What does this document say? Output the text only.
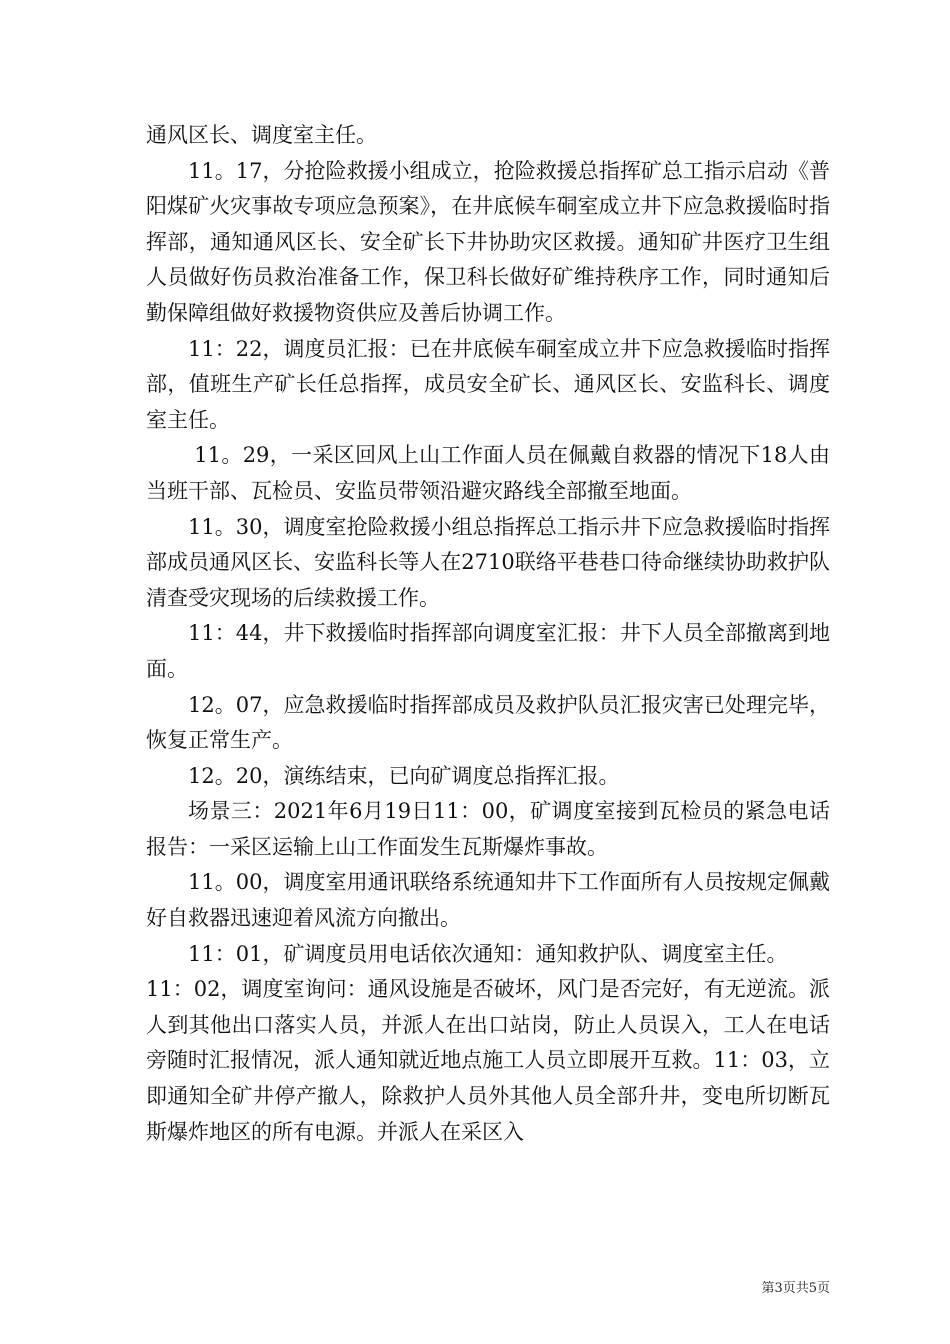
通风区长、调度室主任。

11。17，分抢险救援小组成立，抢险救援总指挥矿总工指示启动《普阳煤矿火灾事故专项应急预案》，在井底候车硐室成立井下应急救援临时指挥部，通知通风区长、安全矿长下井协助灾区救援。通知矿井医疗卫生组人员做好伤员救治准备工作，保卫科长做好矿维持秩序工作，同时通知后勤保障组做好救援物资供应及善后协调工作。

11：22，调度员汇报：已在井底候车硐室成立井下应急救援临时指挥部，值班生产矿长任总指挥，成员安全矿长、通风区长、安监科长、调度室主任。

11。29，一采区回风上山工作面人员在佩戴自救器的情况下18人由当班干部、瓦检员、安监员带领沿避灾路线全部撤至地面。

11。30，调度室抢险救援小组总指挥总工指示井下应急救援临时指挥部成员通风区长、安监科长等人在2710联络平巷巷口待命继续协助救护队清查受灾现场的后续救援工作。

11：44，井下救援临时指挥部向调度室汇报：井下人员全部撤离到地面。

12。07，应急救援临时指挥部成员及救护队员汇报灾害已处理完毕，恢复正常生产。

12。20，演练结束，已向矿调度总指挥汇报。

场景三：2021年6月19日11：00，矿调度室接到瓦检员的紧急电话报告：一采区运输上山工作面发生瓦斯爆炸事故。

11。00，调度室用通讯联络系统通知井下工作面所有人员按规定佩戴好自救器迅速迎着风流方向撤出。

11：01，矿调度员用电话依次通知：通知救护队、调度室主任。

11：02，调度室询问：通风设施是否破坏，风门是否完好，有无逆流。派人到其他出口落实人员，并派人在出口站岗，防止人员误入，工人在电话旁随时汇报情况，派人通知就近地点施工人员立即展开互救。11：03，立即通知全矿井停产撤人，除救护人员外其他人员全部升井，变电所切断瓦斯爆炸地区的所有电源。并派人在采区入

第3页共5页
